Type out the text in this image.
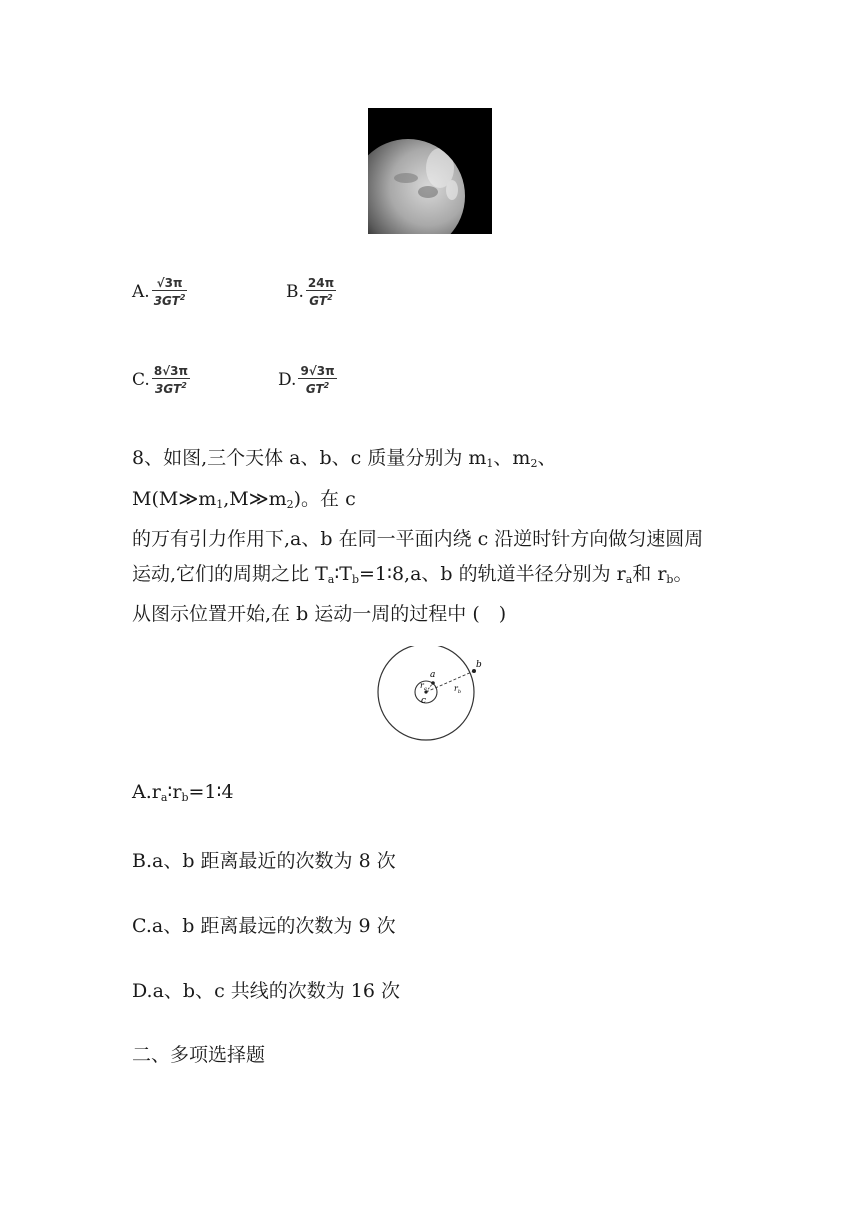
A. $\frac{√3\pi}{3GT^2}$	B. $\frac{24\pi}{GT^2}$
C. $\frac{8√3\pi}{3GT^2}$	D. $\frac{9√3\pi}{GT^2}$

8、如图,三个天体 a、b、c 质量分别为 $m_1$、$m_2$、$M(M≫m_1,M≫m_2)$。在 c

的万有引力作用下,a、b 在同一平面内绕 c 沿逆时针方向做匀速圆周

运动,它们的周期之比 $T_a∶T_b=1∶8,a$、b 的轨道半径分别为 $r_a$和 $r_b$。

从图示位置开始,在 b 运动一周的过程中 (　)

a
b
c
$r_a$	$r_b$
$A.r_a∶r_b=1∶4$
B.a、b 距离最近的次数为 8 次
C.a、b 距离最远的次数为 9 次
D.a、b、c 共线的次数为 16 次
二、多项选择题
